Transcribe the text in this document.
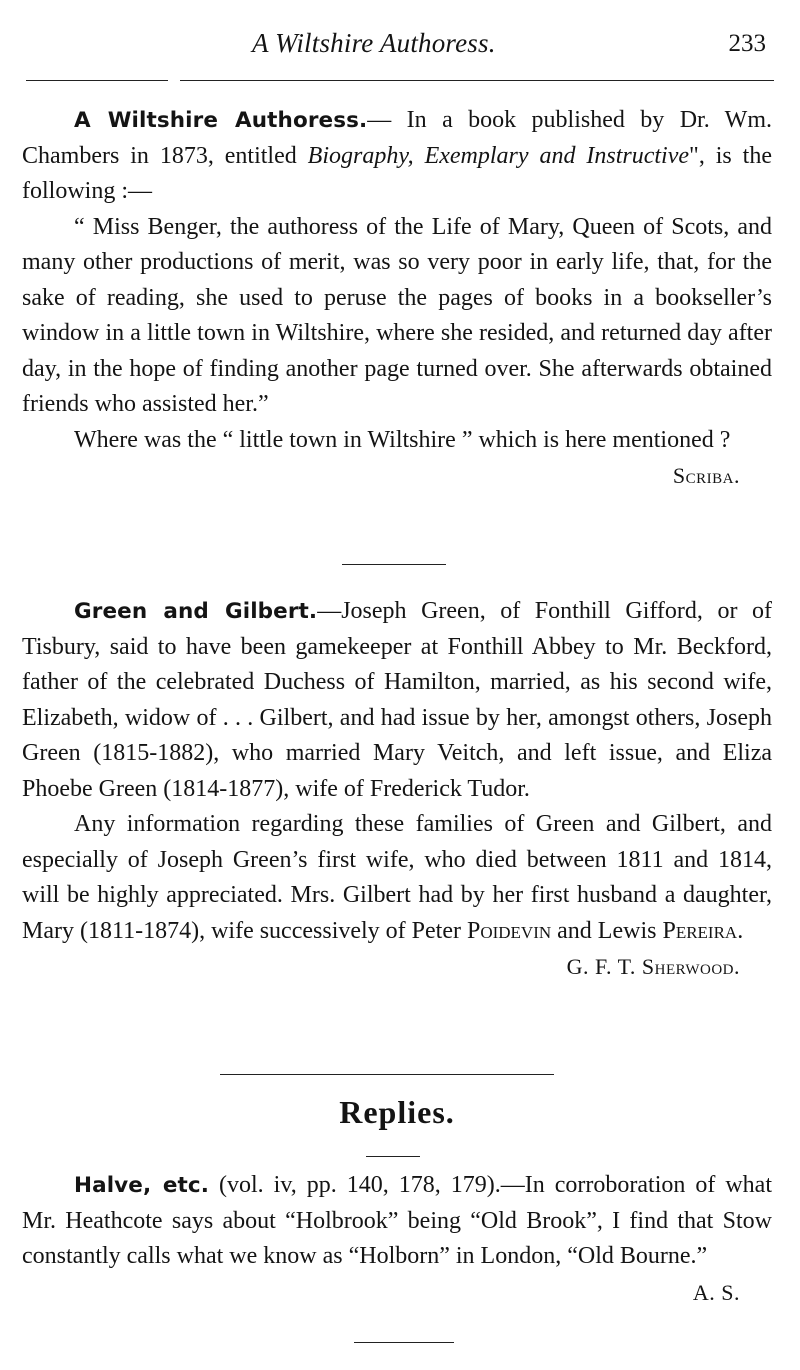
A Wiltshire Authoress.	233

A Wiltshire Authoress.— In a book published by Dr. Wm. Chambers in 1873, entitled Biography, Exemplary and Instructive", is the following :—

“ Miss Benger, the authoress of the Life of Mary, Queen of Scots, and many other productions of merit, was so very poor in early life, that, for the sake of reading, she used to peruse the pages of books in a bookseller’s window in a little town in Wiltshire, where she resided, and returned day after day, in the hope of finding another page turned over. She afterwards obtained friends who assisted her.”

Where was the “ little town in Wiltshire ” which is here mentioned ?

Scriba.

Green and Gilbert.—Joseph Green, of Fonthill Gifford, or of Tisbury, said to have been gamekeeper at Fonthill Abbey to Mr. Beckford, father of the celebrated Duchess of Hamilton, married, as his second wife, Elizabeth, widow of . . . Gilbert, and had issue by her, amongst others, Joseph Green (1815-1882), who married Mary Veitch, and left issue, and Eliza Phoebe Green (1814-1877), wife of Frederick Tudor.

Any information regarding these families of Green and Gilbert, and especially of Joseph Green’s first wife, who died between 1811 and 1814, will be highly appreciated. Mrs. Gilbert had by her first husband a daughter, Mary (1811-1874), wife successively of Peter Poidevin and Lewis Pereira.

G. F. T. Sherwood.
Replies.

Halve, etc. (vol. iv, pp. 140, 178, 179).—In corroboration of what Mr. Heathcote says about “Holbrook” being “Old Brook”, I find that Stow constantly calls what we know as “Holborn” in London, “Old Bourne.”

A. S.
